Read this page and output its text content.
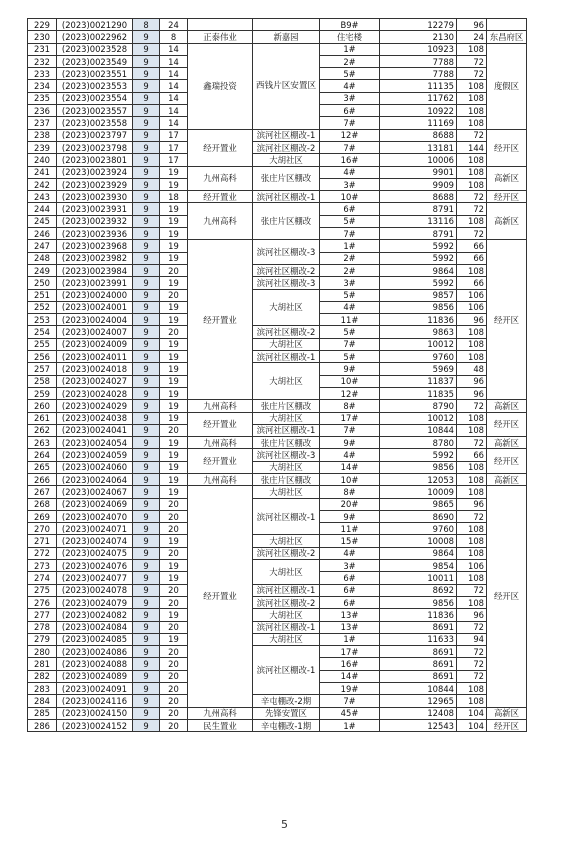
229	(2023)0021290	8	24			B9#	12279	96	
230	(2023)0022962	9	8	正泰伟业	新嘉园	住宅楼	2130	24	东昌府区
231	(2023)0023528	9	14	鑫瑞投资	西钱片区安置区	1#	10923	108	度假区
232	(2023)0023549	9	14			2#	7788	72	
233	(2023)0023551	9	14			5#	7788	72	
234	(2023)0023553	9	14			4#	11135	108	
235	(2023)0023554	9	14			3#	11762	108	
236	(2023)0023557	9	14			6#	10922	108	
237	(2023)0023558	9	14			7#	11169	108	
238	(2023)0023797	9	17	经开置业	滨河社区棚改-1	12#	8688	72	经开区
239	(2023)0023798	9	17		滨河社区棚改-2	7#	13181	144	
240	(2023)0023801	9	17		大胡社区	16#	10006	108	
241	(2023)0023924	9	19	九州高科	张庄片区棚改	4#	9901	108	高新区
242	(2023)0023929	9	19			3#	9909	108	
243	(2023)0023930	9	18	经开置业	滨河社区棚改-1	10#	8688	72	经开区
244	(2023)0023931	9	19	九州高科	张庄片区棚改	6#	8791	72	高新区
245	(2023)0023932	9	19			5#	13116	108	
246	(2023)0023936	9	19			7#	8791	72	
247	(2023)0023968	9	19	经开置业	滨河社区棚改-3	1#	5992	66	经开区
248	(2023)0023982	9	19			2#	5992	66	
249	(2023)0023984	9	20		滨河社区棚改-2	2#	9864	108	
250	(2023)0023991	9	19		滨河社区棚改-3	3#	5992	66	
251	(2023)0024000	9	20		大胡社区	5#	9857	106	
252	(2023)0024001	9	19			4#	9856	106	
253	(2023)0024004	9	19			11#	11836	96	
254	(2023)0024007	9	20		滨河社区棚改-2	5#	9863	108	
255	(2023)0024009	9	19		大胡社区	7#	10012	108	
256	(2023)0024011	9	19		滨河社区棚改-1	5#	9760	108	
257	(2023)0024018	9	19		大胡社区	9#	5969	48	
258	(2023)0024027	9	19			10#	11837	96	
259	(2023)0024028	9	19			12#	11835	96	
260	(2023)0024029	9	19	九州高科	张庄片区棚改	8#	8790	72	高新区
261	(2023)0024038	9	19	经开置业	大胡社区	17#	10012	108	经开区
262	(2023)0024041	9	20		滨河社区棚改-1	7#	10844	108	
263	(2023)0024054	9	19	九州高科	张庄片区棚改	9#	8780	72	高新区
264	(2023)0024059	9	19	经开置业	滨河社区棚改-3	4#	5992	66	经开区
265	(2023)0024060	9	19		大胡社区	14#	9856	108	
266	(2023)0024064	9	19	九州高科	张庄片区棚改	10#	12053	108	高新区
267	(2023)0024067	9	19	经开置业	大胡社区	8#	10009	108	经开区
268	(2023)0024069	9	20		滨河社区棚改-1	20#	9865	96	
269	(2023)0024070	9	20			9#	8690	72	
270	(2023)0024071	9	20			11#	9760	108	
271	(2023)0024074	9	19		大胡社区	15#	10008	108	
272	(2023)0024075	9	20		滨河社区棚改-2	4#	9864	108	
273	(2023)0024076	9	19		大胡社区	3#	9854	106	
274	(2023)0024077	9	19			6#	10011	108	
275	(2023)0024078	9	20		滨河社区棚改-1	6#	8692	72	
276	(2023)0024079	9	20		滨河社区棚改-2	6#	9856	108	
277	(2023)0024082	9	19		大胡社区	13#	11836	96	
278	(2023)0024084	9	20		滨河社区棚改-1	13#	8691	72	
279	(2023)0024085	9	19		大胡社区	1#	11633	94	
280	(2023)0024086	9	20		滨河社区棚改-1	17#	8691	72	
281	(2023)0024088	9	20			16#	8691	72	
282	(2023)0024089	9	20			14#	8691	72	
283	(2023)0024091	9	20			19#	10844	108	
284	(2023)0024116	9	20		辛屯棚改-2期	7#	12965	108	
285	(2023)0024150	9	20	九州高科	先锋安置区	45#	12408	104	高新区
286	(2023)0024152	9	20	民生置业	辛屯棚改-1期	1#	12543	104	经开区
5
